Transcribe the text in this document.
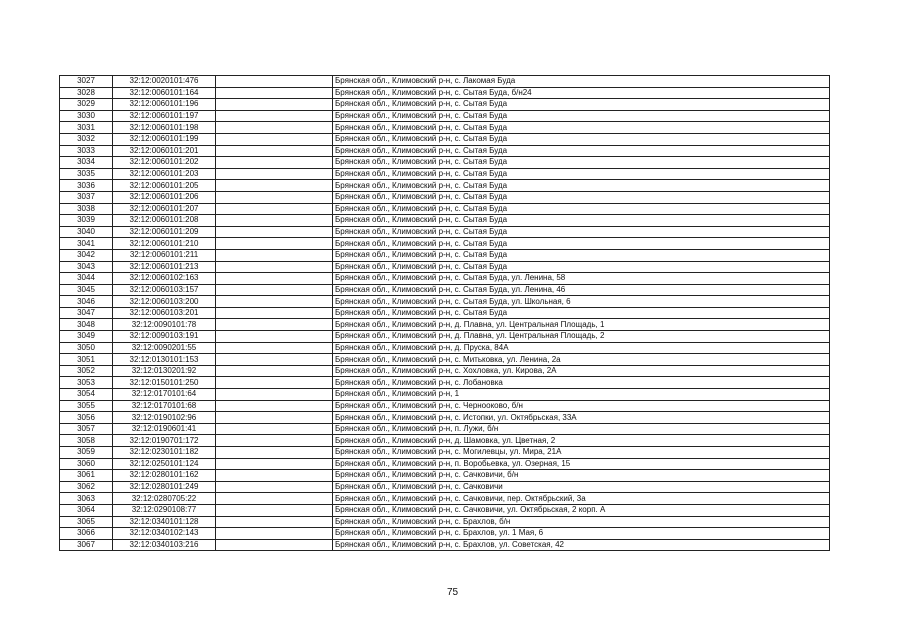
3027	32:12:0020101:476		Брянская обл., Климовский р-н, с. Лакомая Буда
3028	32:12:0060101:164		Брянская обл., Климовский р-н, с. Сытая Буда, б/н24
3029	32:12:0060101:196		Брянская обл., Климовский р-н, с. Сытая Буда
3030	32:12:0060101:197		Брянская обл., Климовский р-н, с. Сытая Буда
3031	32:12:0060101:198		Брянская обл., Климовский р-н, с. Сытая Буда
3032	32:12:0060101:199		Брянская обл., Климовский р-н, с. Сытая Буда
3033	32:12:0060101:201		Брянская обл., Климовский р-н, с. Сытая Буда
3034	32:12:0060101:202		Брянская обл., Климовский р-н, с. Сытая Буда
3035	32:12:0060101:203		Брянская обл., Климовский р-н, с. Сытая Буда
3036	32:12:0060101:205		Брянская обл., Климовский р-н, с. Сытая Буда
3037	32:12:0060101:206		Брянская обл., Климовский р-н, с. Сытая Буда
3038	32:12:0060101:207		Брянская обл., Климовский р-н, с. Сытая Буда
3039	32:12:0060101:208		Брянская обл., Климовский р-н, с. Сытая Буда
3040	32:12:0060101:209		Брянская обл., Климовский р-н, с. Сытая Буда
3041	32:12:0060101:210		Брянская обл., Климовский р-н, с. Сытая Буда
3042	32:12:0060101:211		Брянская обл., Климовский р-н, с. Сытая Буда
3043	32:12:0060101:213		Брянская обл., Климовский р-н, с. Сытая Буда
3044	32:12:0060102:163		Брянская обл., Климовский р-н, с. Сытая Буда, ул. Ленина, 58
3045	32:12:0060103:157		Брянская обл., Климовский р-н, с. Сытая Буда, ул. Ленина, 46
3046	32:12:0060103:200		Брянская обл., Климовский р-н, с. Сытая Буда, ул. Школьная, 6
3047	32:12:0060103:201		Брянская обл., Климовский р-н, с. Сытая Буда
3048	32:12:0090101:78		Брянская обл., Климовский р-н, д. Плавна, ул. Центральная Площадь, 1
3049	32:12:0090103:191		Брянская обл., Климовский р-н, д. Плавна, ул. Центральная Площадь, 2
3050	32:12:0090201:55		Брянская обл., Климовский р-н, д. Пруска, 84А
3051	32:12:0130101:153		Брянская обл., Климовский р-н, с. Митьковка, ул. Ленина, 2а
3052	32:12:0130201:92		Брянская обл., Климовский р-н, с. Хохловка, ул. Кирова, 2А
3053	32:12:0150101:250		Брянская обл., Климовский р-н, с. Лобановка
3054	32:12:0170101:64		Брянская обл., Климовский р-н, 1
3055	32:12:0170101:68		Брянская обл., Климовский р-н, с. Чернооково, б/н
3056	32:12:0190102:96		Брянская обл., Климовский р-н, с. Истопки, ул. Октябрьская, 33А
3057	32:12:0190601:41		Брянская обл., Климовский р-н, п. Лужи, б/н
3058	32:12:0190701:172		Брянская обл., Климовский р-н, д. Шамовка, ул. Цветная, 2
3059	32:12:0230101:182		Брянская обл., Климовский р-н, с. Могилевцы, ул. Мира, 21А
3060	32:12:0250101:124		Брянская обл., Климовский р-н, п. Воробьевка, ул. Озерная, 15
3061	32:12:0280101:162		Брянская обл., Климовский р-н, с. Сачковичи, б/н
3062	32:12:0280101:249		Брянская обл., Климовский р-н, с. Сачковичи
3063	32:12:0280705:22		Брянская обл., Климовский р-н, с. Сачковичи, пер. Октябрьский, 3а
3064	32:12:0290108:77		Брянская обл., Климовский р-н, с. Сачковичи, ул. Октябрьская, 2 корп. А
3065	32:12:0340101:128		Брянская обл., Климовский р-н, с. Брахлов, б/н
3066	32:12:0340102:143		Брянская обл., Климовский р-н, с. Брахлов, ул. 1 Мая, 6
3067	32:12:0340103:216		Брянская обл., Климовский р-н, с. Брахлов, ул. Советская, 42
75
